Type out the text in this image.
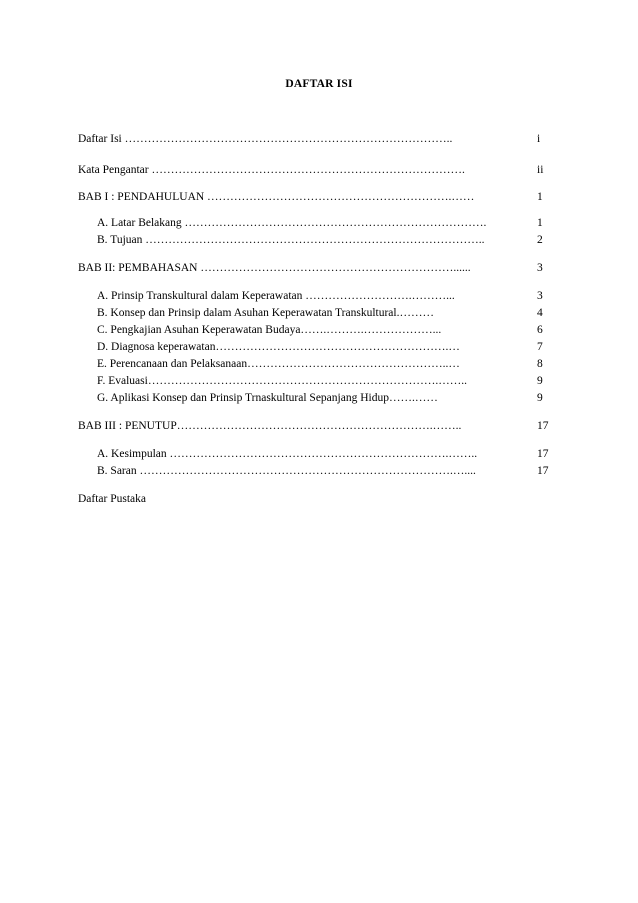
DAFTAR ISI
Daftar Isi …………………………………………………………………………..	i
Kata Pengantar ……………………………………………………………………….	ii
BAB I : PENDAHULUAN ……………………………………………………….……	1
A. Latar Belakang …………………………………………………………………….	1
B. Tujuan ……………………………………………………………………………..	2
BAB II: PEMBAHASAN …………………………………………………………......	3
A. Prinsip Transkultural dalam Keperawatan ……………………….………...	3
B. Konsep dan Prinsip dalam Asuhan Keperawatan Transkultural.………	4
C. Pengkajian Asuhan Keperawatan Budaya…….……….………………...	6
D. Diagnosa keperawatan…………………………………………………….…	7
E. Perencanaan dan Pelaksanaan……………………………………………..…	8
F. Evaluasi………………………………………………………………….……..	9
G. Aplikasi Konsep dan Prinsip Trnaskultural Sepanjang Hidup…….……	9
BAB III : PENUTUP………………………………………………………….……..	17
A. Kesimpulan ……………………………………………………………….……..	17
B. Saran ……………………………………………………………………….…....	17
Daftar Pustaka
